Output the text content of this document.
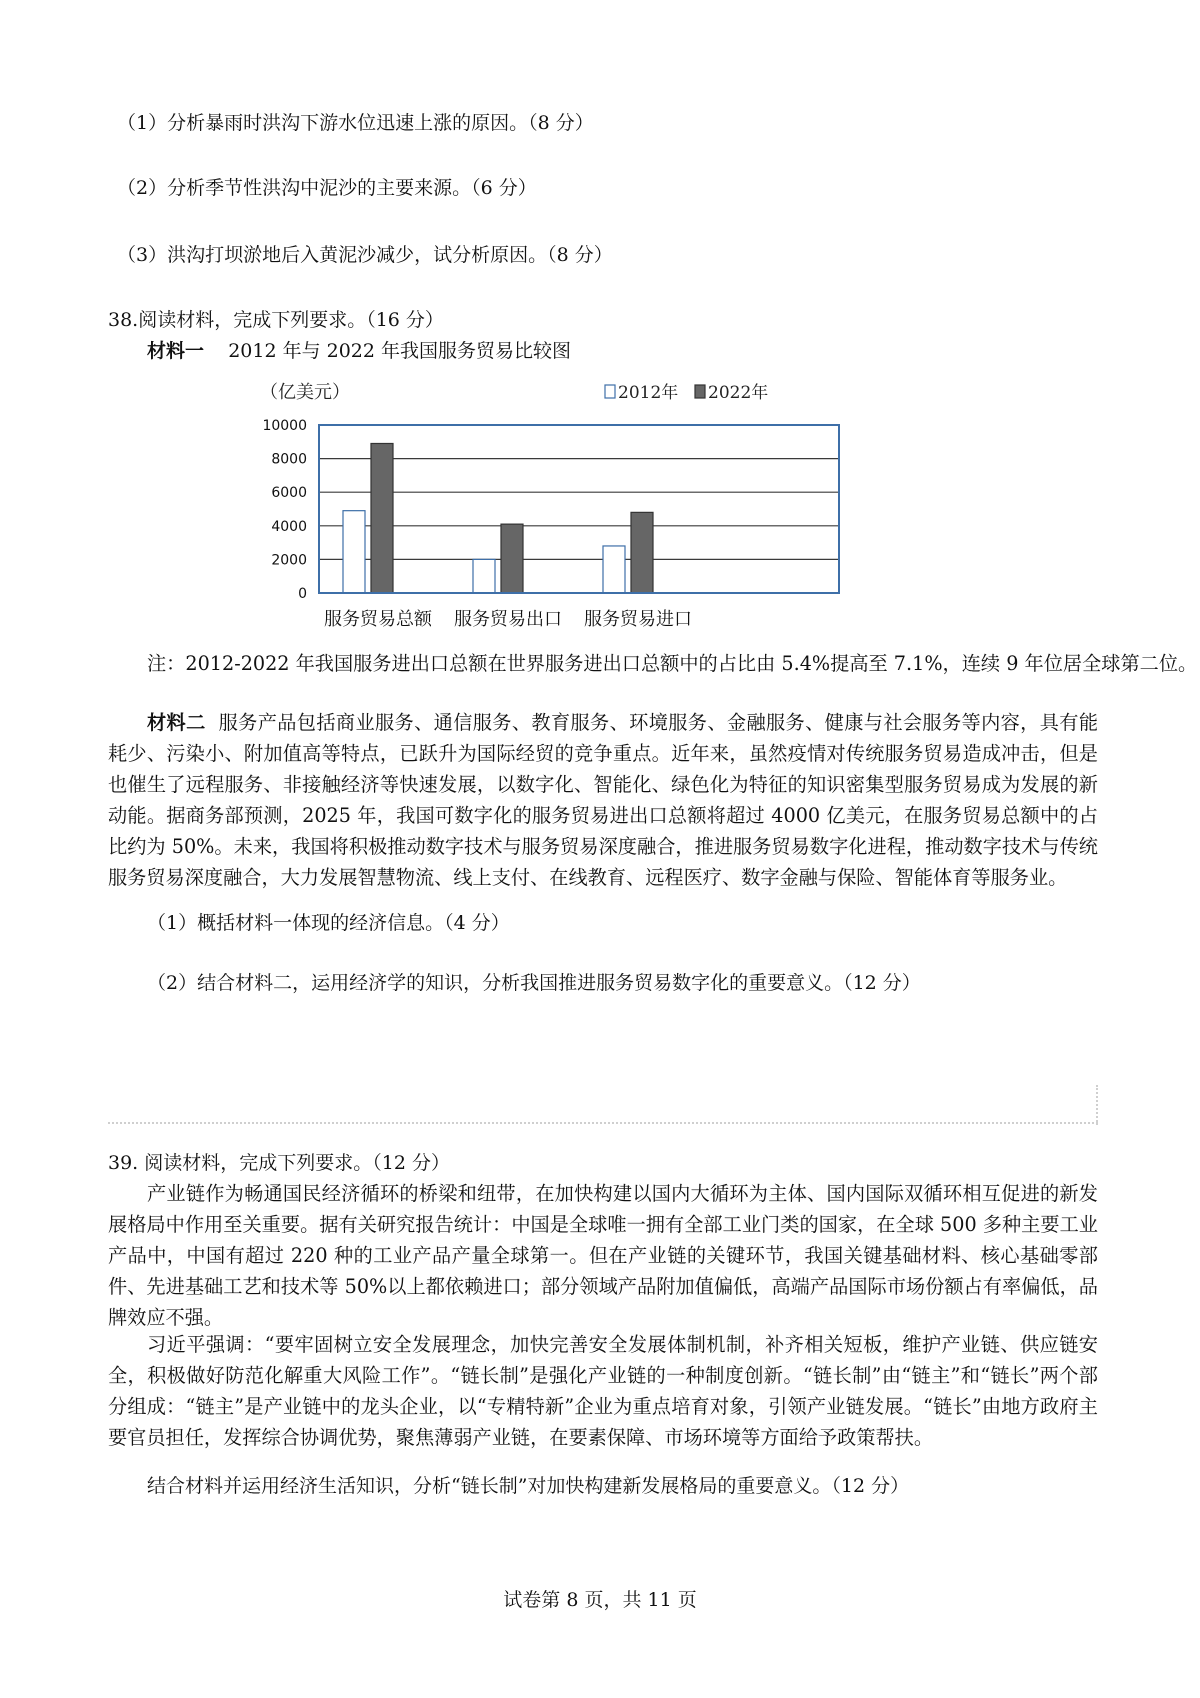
（1）分析暴雨时洪沟下游水位迅速上涨的原因。（8 分）
（2）分析季节性洪沟中泥沙的主要来源。（6 分）
（3）洪沟打坝淤地后入黄泥沙减少，试分析原因。（8 分）
38.阅读材料，完成下列要求。（16 分）
材料一 2012 年与 2022 年我国服务贸易比较图
（亿美元）	2012年 2022年
10000
8000
6000
4000
2000
0
服务贸易总额 服务贸易出口 服务贸易进口
注：2012-2022 年我国服务进出口总额在世界服务进出口总额中的占比由 5.4%提高至 7.1%，连续 9 年位居全球第二位。
材料二 服务产品包括商业服务、通信服务、教育服务、环境服务、金融服务、健康与社会服务等内容，具有能耗少、污染小、附加值高等特点，已跃升为国际经贸的竞争重点。近年来，虽然疫情对传统服务贸易造成冲击，但是也催生了远程服务、非接触经济等快速发展，以数字化、智能化、绿色化为特征的知识密集型服务贸易成为发展的新动能。据商务部预测，2025 年，我国可数字化的服务贸易进出口总额将超过 4000 亿美元，在服务贸易总额中的占比约为 50%。未来，我国将积极推动数字技术与服务贸易深度融合，推进服务贸易数字化进程，推动数字技术与传统服务贸易深度融合，大力发展智慧物流、线上支付、在线教育、远程医疗、数字金融与保险、智能体育等服务业。
（1）概括材料一体现的经济信息。（4 分）
（2）结合材料二，运用经济学的知识，分析我国推进服务贸易数字化的重要意义。（12 分）
39. 阅读材料，完成下列要求。（12 分）
产业链作为畅通国民经济循环的桥梁和纽带，在加快构建以国内大循环为主体、国内国际双循环相互促进的新发展格局中作用至关重要。据有关研究报告统计：中国是全球唯一拥有全部工业门类的国家，在全球 500 多种主要工业产品中，中国有超过 220 种的工业产品产量全球第一。但在产业链的关键环节，我国关键基础材料、核心基础零部件、先进基础工艺和技术等 50%以上都依赖进口；部分领域产品附加值偏低，高端产品国际市场份额占有率偏低，品牌效应不强。
习近平强调：“要牢固树立安全发展理念，加快完善安全发展体制机制，补齐相关短板，维护产业链、供应链安全，积极做好防范化解重大风险工作”。“链长制”是强化产业链的一种制度创新。“链长制”由“链主”和“链长”两个部分组成：“链主”是产业链中的龙头企业，以“专精特新”企业为重点培育对象，引领产业链发展。“链长”由地方政府主要官员担任，发挥综合协调优势，聚焦薄弱产业链，在要素保障、市场环境等方面给予政策帮扶。
结合材料并运用经济生活知识，分析“链长制”对加快构建新发展格局的重要意义。（12 分）
试卷第 8 页，共 11 页
